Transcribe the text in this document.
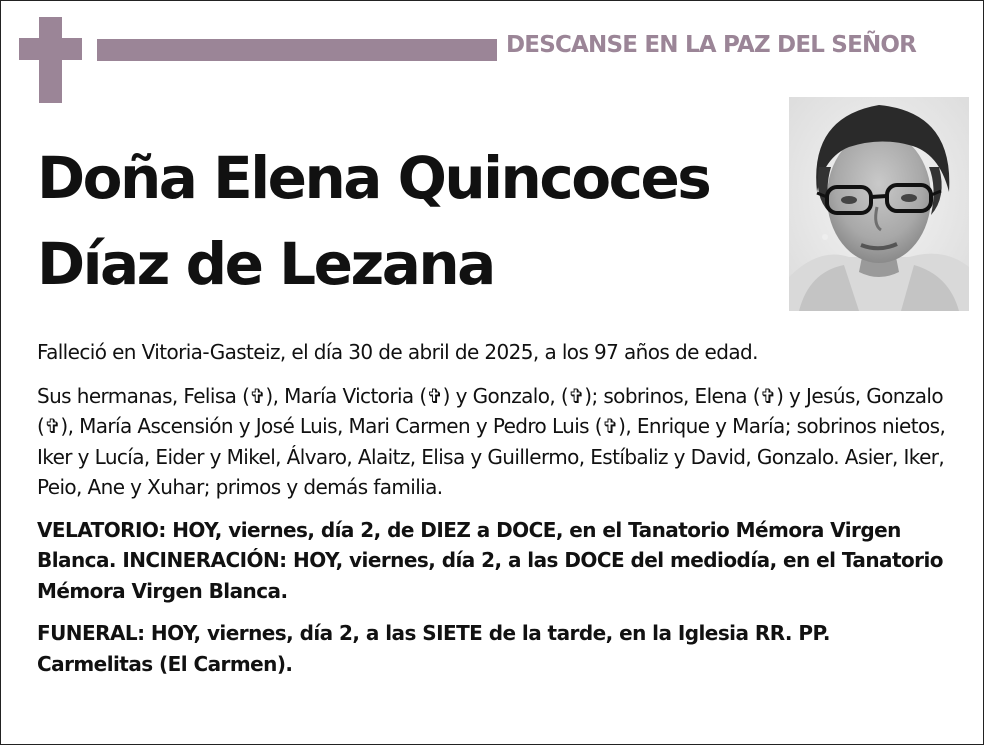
DESCANSE EN LA PAZ DEL SEÑOR
Doña Elena Quincoces
Díaz de Lezana

Falleció en Vitoria-Gasteiz, el día 30 de abril de 2025, a los 97 años de edad.

Sus hermanas, Felisa (✞), María Victoria (✞) y Gonzalo, (✞); sobrinos, Elena (✞) y Jesús, Gonzalo (✞), María Ascensión y José Luis, Mari Carmen y Pedro Luis (✞), Enrique y María; sobrinos nietos, Iker y Lucía, Eider y Mikel, Álvaro, Alaitz, Elisa y Guillermo, Estíbaliz y David, Gonzalo. Asier, Iker, Peio, Ane y Xuhar; primos y demás familia.

VELATORIO: HOY, viernes, día 2, de DIEZ a DOCE, en el Tanatorio Mémora Virgen Blanca. INCINERACIÓN: HOY, viernes, día 2, a las DOCE del mediodía, en el Tanatorio Mémora Virgen Blanca.

FUNERAL: HOY, viernes, día 2, a las SIETE de la tarde, en la Iglesia RR. PP. Carmelitas (El Carmen).
